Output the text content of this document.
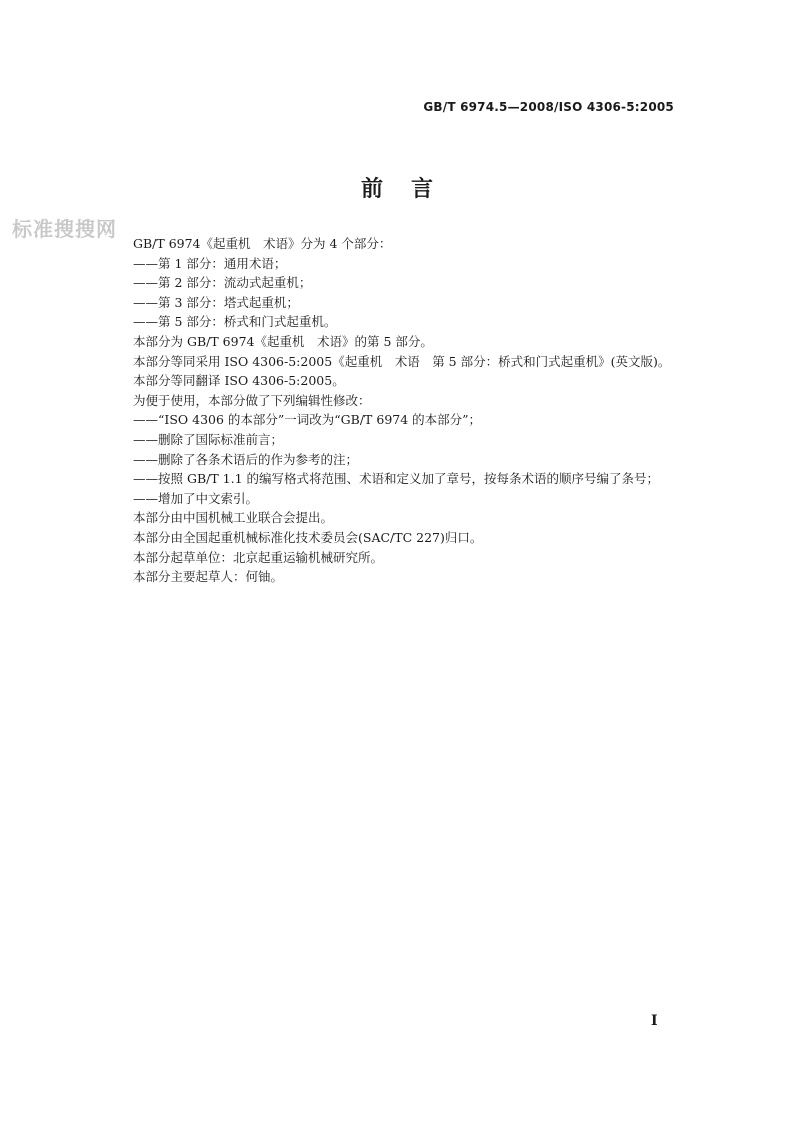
GB/T 6974.5—2008/ISO 4306-5:2005
前言
标准搜搜网
GB/T 6974《起重机　术语》分为 4 个部分：
——第 1 部分：通用术语；
——第 2 部分：流动式起重机；
——第 3 部分：塔式起重机；
——第 5 部分：桥式和门式起重机。
本部分为 GB/T 6974《起重机　术语》的第 5 部分。
本部分等同采用 ISO 4306-5:2005《起重机　术语　第 5 部分：桥式和门式起重机》(英文版)。
本部分等同翻译 ISO 4306-5:2005。
为便于使用，本部分做了下列编辑性修改：
——“ISO 4306 的本部分”一词改为“GB/T 6974 的本部分”；
——删除了国际标准前言；
——删除了各条术语后的作为参考的注；
——按照 GB/T 1.1 的编写格式将范围、术语和定义加了章号，按每条术语的顺序号编了条号；
——增加了中文索引。
本部分由中国机械工业联合会提出。
本部分由全国起重机械标准化技术委员会(SAC/TC 227)归口。
本部分起草单位：北京起重运输机械研究所。
本部分主要起草人：何铀。
I
